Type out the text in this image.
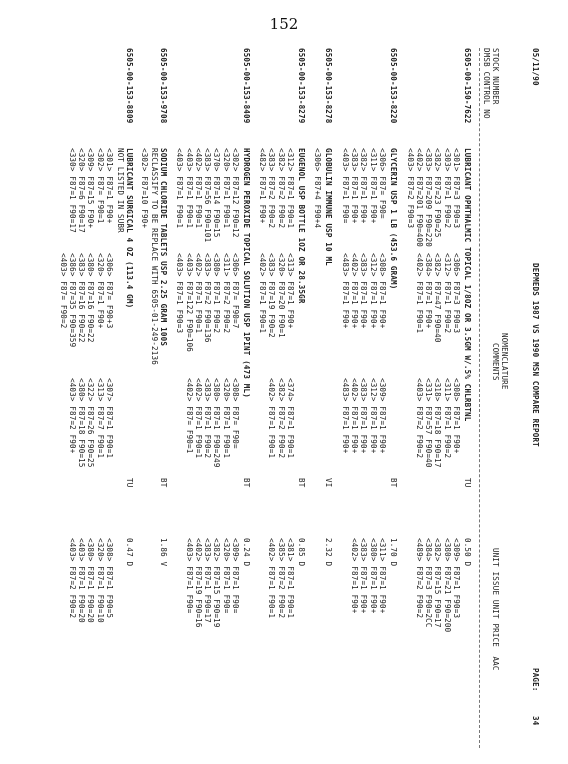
152

05/11/90

DEPMEDS 1987 VS 1990 MSN COMPARE REPORT

PAGE:

34

STOCK NUMBER

DMSB CONTROL NO

NOMENCLATURE

COMMENTS

UNIT ISSUE UNIT PRICE  AAC

6505-00-150-7622

LUBRICANT OPHTHALMIC TOPICAL 1/8OZ OR 3.5GM W/.5% CHLRBTNL

TU

0.50 D

<301> F87=3 F90=3
<303> F87=1 F90=2
<382> F87=23 F90=25
<383> F87=209 F90=220
<402> F87=201 F90=400
<403> F87=2 F90=3

<306> F87=3 F90=3
<312> F87=1 F90=2
<382> F87=47 F90=40
<384> F87=1 F90+
<402> F87=1 F90=1

<308> F87=1 F90+
<311> F87=1 F90=2
<318> F87=18 F90=17
<331> F87=57 F90=40
<403> F87=2 F90=2

<309> F87=1 F90=3
<380> F87=21 F90=200
<382> F87=15 F90=17
<384> F87=3 F90=2CC
<489> F87=2 F90=2

6505-00-153-8220

GLYCERIN USP 1 LB (453.6 GRAM)

BT

1.70 D

<306> F87= F90=
<311> F87=1 F90+
<382> F87=1 F90+
<383> F87=1 F90+
<403> F87=1 F90=

<308> F87=1 F90+
<312> F87=1 F90+
<383> F87=1 F90+
<402> F87=1 F90+
<483> F87=1 F90+

<309> F87=1 F90+
<312> F87=1 F90+
<383> F87=1 F90+
<402> F87=1 F90+
<483> F87=1 F90+

<311> F87=1 F90+
<380> F87=1 F90+
<383> F87=1 F90+
<402> F87=1 F90+

6505-00-153-8278

GLOBULIN IMMUNE USP 10 ML

VI

2.32 D

<306> F87+4 F90+4

6505-00-153-8279

EUGENOL USP BOTTLE 1OZ OR 28.35GR

BT

0.85 D

<312> F87=1 F90=1
<382> F87=2 F90=2
<383> F87=2 F90=2
<482> F87=1 F90+

<313> F87=1 F90+
<320> F87=20 F90=1
<383> F87=19 F90=2
<402> F87=1 F90=1

<374> F87=1 F90=1
<382> F87=2 F90=2
<402> F87=1 F90=1

<381> F87=1 F90=1
<385> F87=2 F90=2
<402> F87=1 F90=1

6505-00-153-8409

HYDROGEN PEROXIDE TOPICAL SOLUTION USP 1PINT (473 ML)

BT

0.24 D

<302> F87=12 F90=12
<320> F87=1 F90=1
<370> F87=14 F90=15
<383> F87=56 F90=101
<402> F87=1 F90=1
<403> F87=1 F90=1
<403> F87=1 F90=1

<306> F87= F90=7
<311> F87=2 F90=2
<380> F87=1 F90=2
<383> F87=2 F90=136
<402> F87=1 F90=1
<403> F87=122 F90=106
<403> F87=1 F90=3

<308> F87= F90=
<320> F87=1 F90=1
<380> F87=1 F90=249
<383> F87=1 F90=2
<402> F87=1 F90=1
<402> F87= F90=1

<309> F87=1 F90=
<320> F87=1 F90=
<382> F87=15 F90=19
<383> F87=1 F90=17
<402> F87=19 F90=16
<403> F87=1 F90=

6505-00-153-9708

SODIUM CHLORIDE TABLETS USP 2.25 GRAM 100S

RECLASSIFY TO BE REPLACE WITH 6505-01-249-2136

<302> F87=10 F90+

BT

1.86 V

6505-00-153-8809

LUBRICANT SURGICAL 4 OZ (113.4 GM)

NOT LISTED IN SUBR

TU

0.47 D

<301> F87=1 F90+
<302> F87= F90=1
<309> F87=15 F90+
<320> F87=6 F90=17
<330> F87=1 F90=17

<306> F87= F90+3
<320> F87=1 F90+
<380> F87=16 F90=22
<383> F87=16 F90=22
<386> F87=35 F90=359
<403> F87= F90=2

<307> F87=1 F90=1
<313> F87=7 F90=1
<322> F87=26 F90=25
<380> F87=18 F90=15
<403> F87=2 F90+

<308> F87=1 F90=5
<320> F87=1 F90=10
<380> F87=1 F90=20
<403> F87=1 F90=20
<403> F87=2 F90=2
